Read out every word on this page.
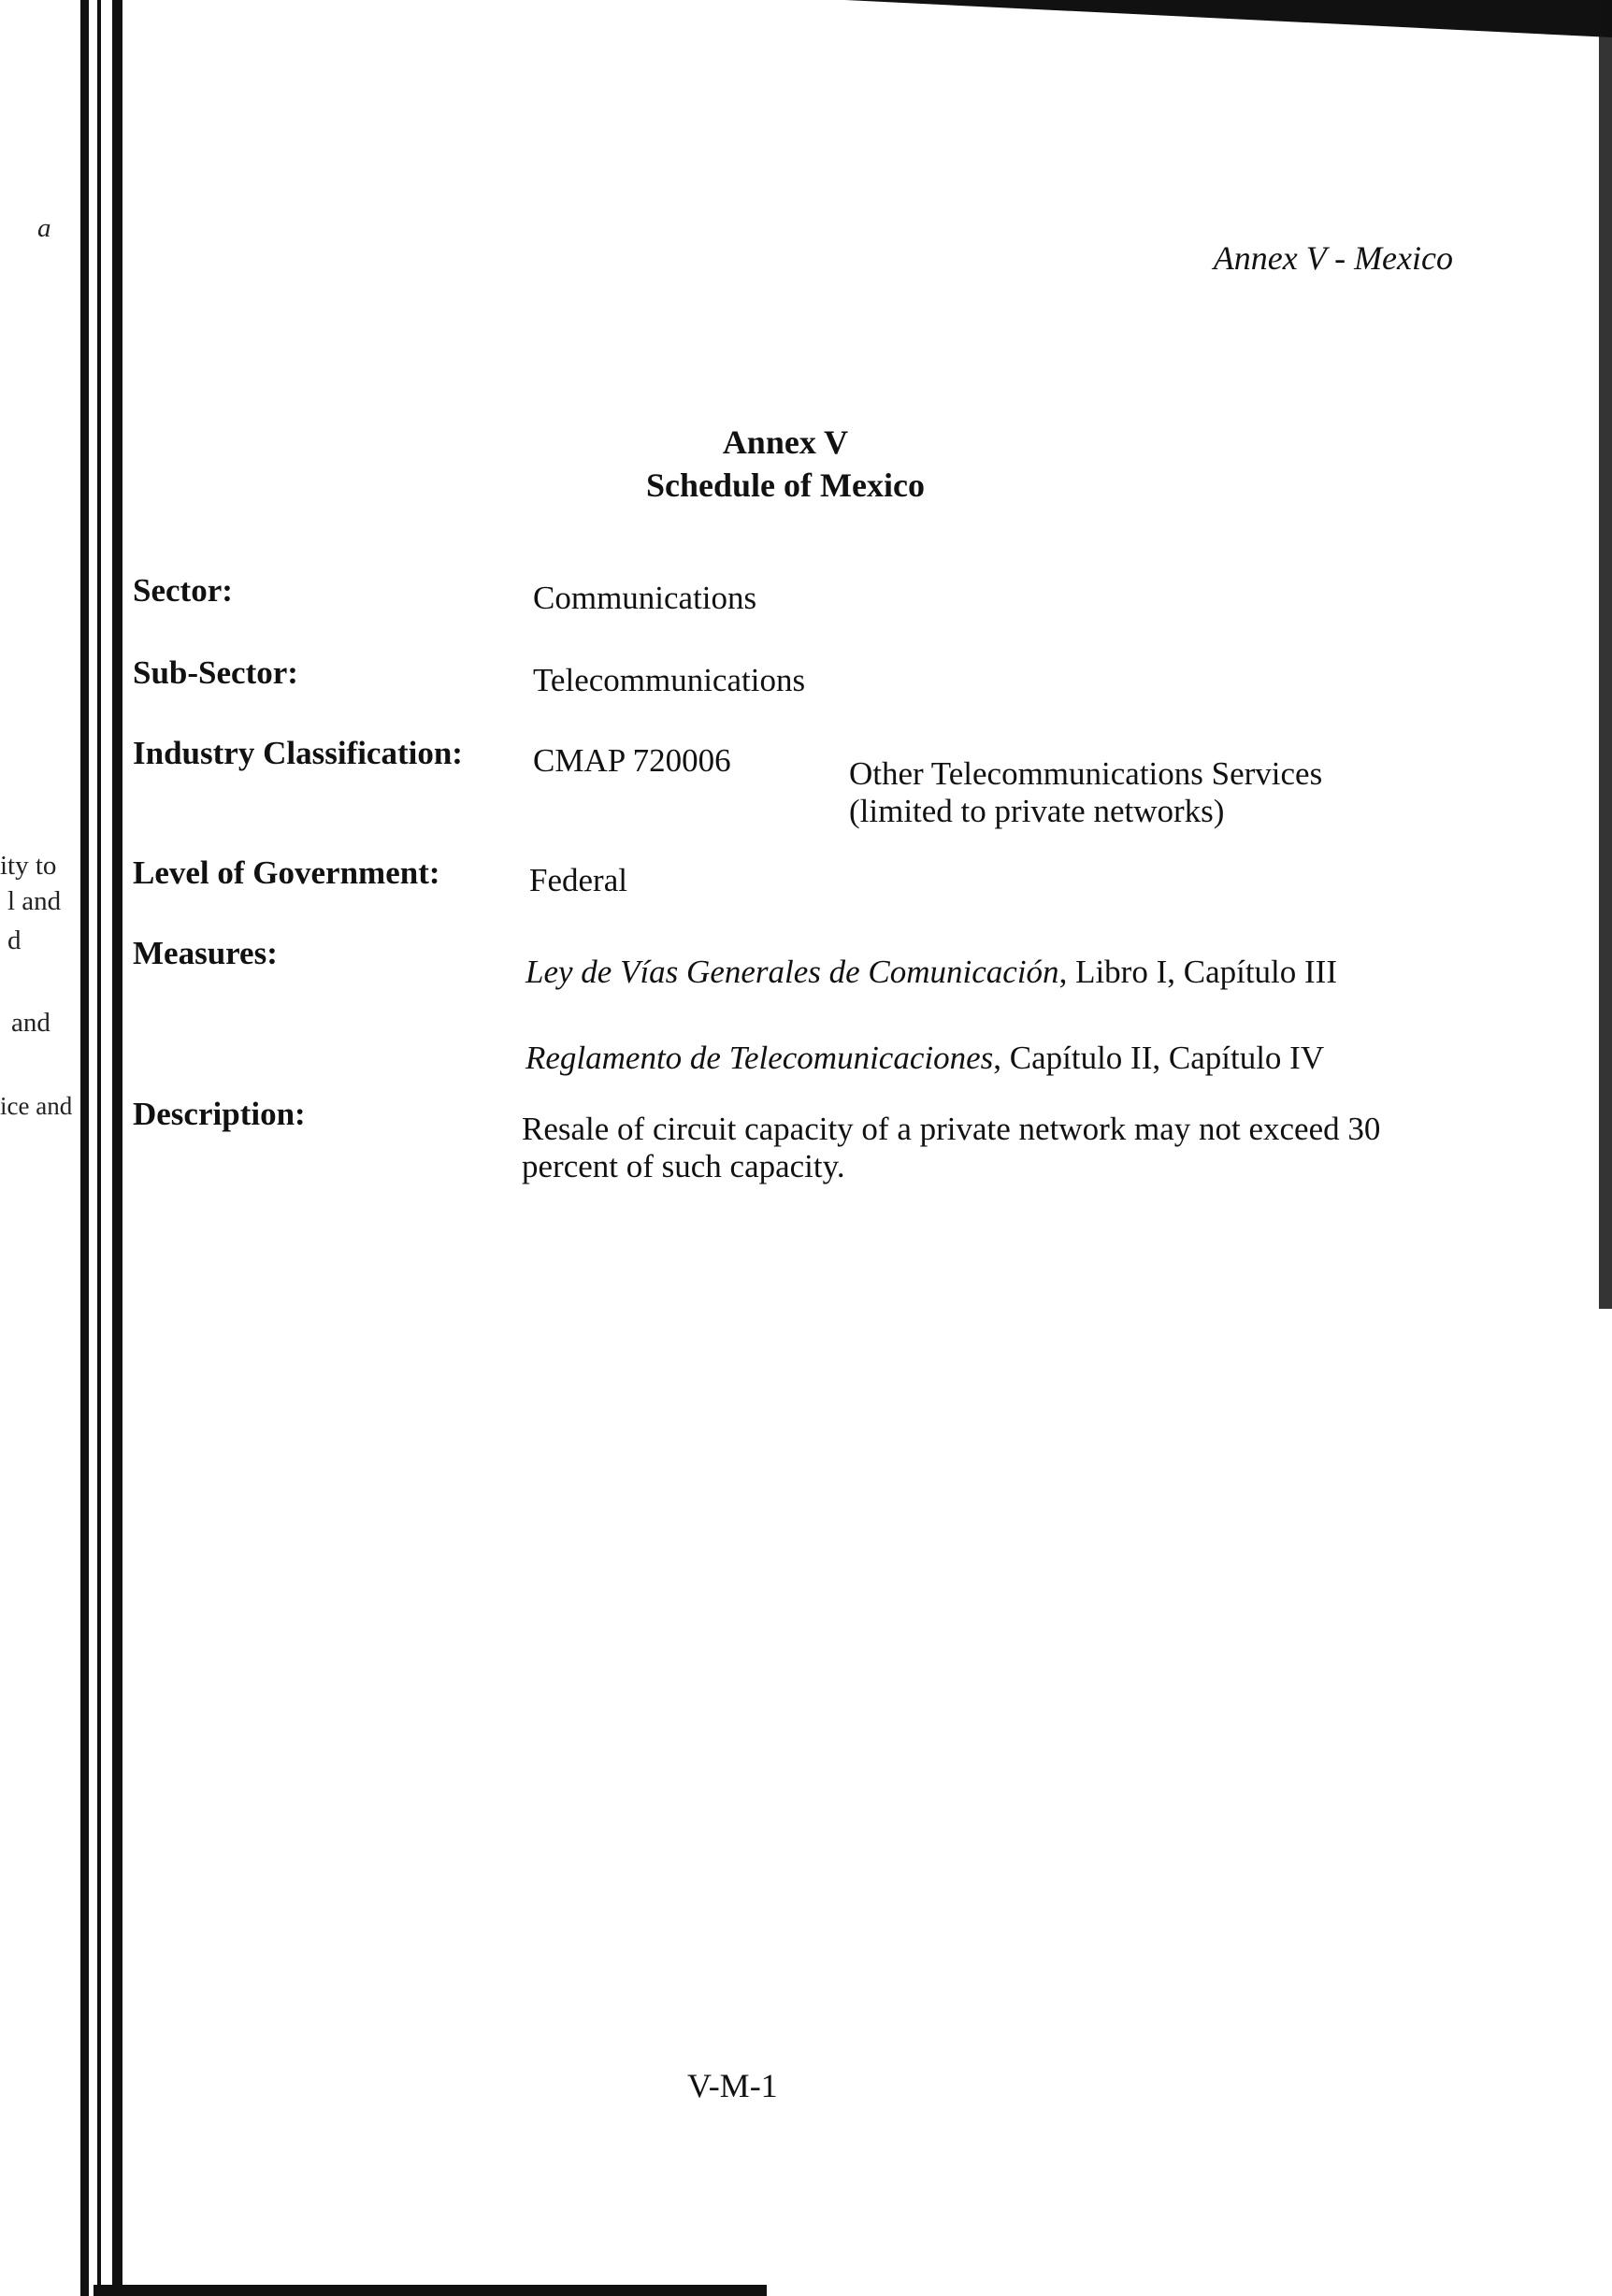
a
ity to
l and
d
and
ice and
Annex V - Mexico
Annex V
Schedule of Mexico
Sector:	Communications
Sub-Sector:	Telecommunications
Industry Classification: CMAP 720006	Other Telecommunications Services
(limited to private networks)
Level of Government:	Federal
Measures:
Ley de Vías Generales de Comunicación, Libro I, Capítulo III
Reglamento de Telecomunicaciones, Capítulo II, Capítulo IV
Description:	Resale of circuit capacity of a private network may not exceed 30 percent of such capacity.
V-M-1
